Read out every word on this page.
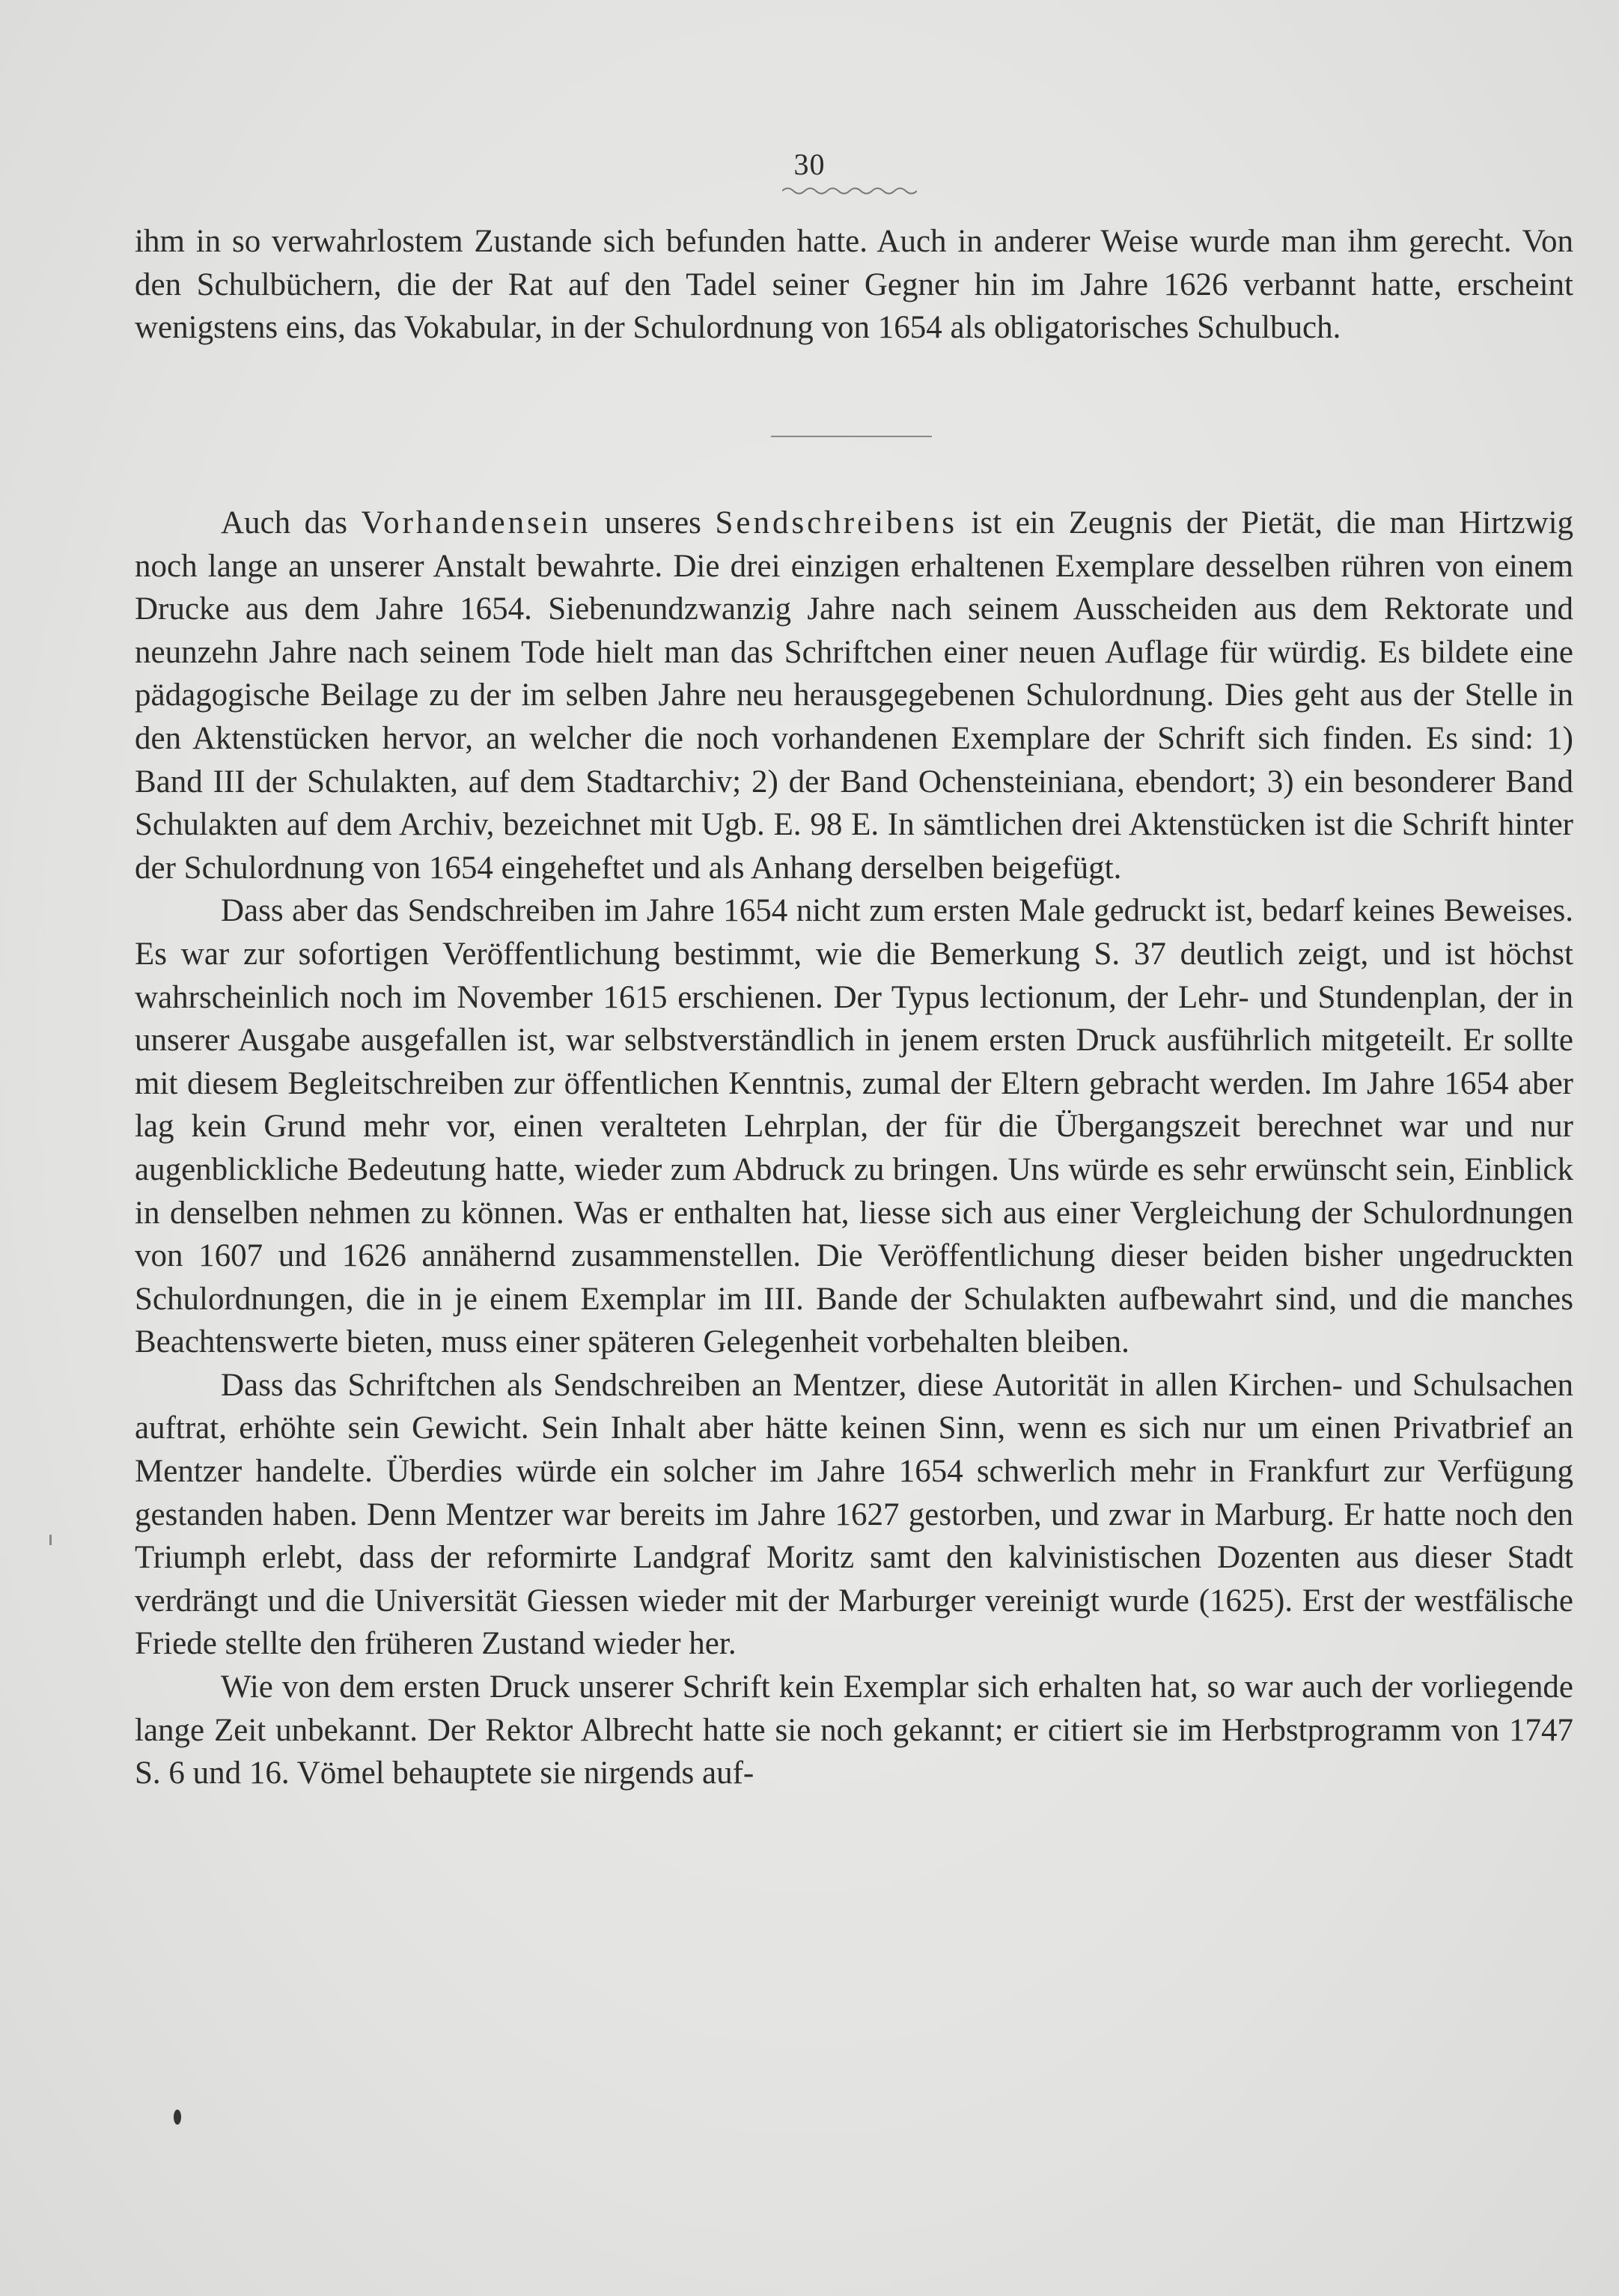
30

ihm in so verwahrlostem Zustande sich befunden hatte. Auch in anderer Weise wurde man ihm gerecht. Von den Schulbüchern, die der Rat auf den Tadel seiner Gegner hin im Jahre 1626 verbannt hatte, erscheint wenigstens eins, das Vokabular, in der Schulordnung von 1654 als obligatorisches Schulbuch.

Auch das Vorhandensein unseres Sendschreibens ist ein Zeugnis der Pietät, die man Hirtzwig noch lange an unserer Anstalt bewahrte. Die drei einzigen erhaltenen Exemplare desselben rühren von einem Drucke aus dem Jahre 1654. Siebenundzwanzig Jahre nach seinem Ausscheiden aus dem Rektorate und neunzehn Jahre nach seinem Tode hielt man das Schriftchen einer neuen Auflage für würdig. Es bildete eine pädagogische Beilage zu der im selben Jahre neu herausgegebenen Schulordnung. Dies geht aus der Stelle in den Aktenstücken hervor, an welcher die noch vorhandenen Exemplare der Schrift sich finden. Es sind: 1) Band III der Schulakten, auf dem Stadtarchiv; 2) der Band Ochensteiniana, ebendort; 3) ein besonderer Band Schulakten auf dem Archiv, bezeichnet mit Ugb. E. 98 E. In sämtlichen drei Aktenstücken ist die Schrift hinter der Schulordnung von 1654 eingeheftet und als Anhang derselben beigefügt.

Dass aber das Sendschreiben im Jahre 1654 nicht zum ersten Male gedruckt ist, bedarf keines Beweises. Es war zur sofortigen Veröffentlichung bestimmt, wie die Bemerkung S. 37 deutlich zeigt, und ist höchst wahrscheinlich noch im November 1615 erschienen. Der Typus lectionum, der Lehr- und Stundenplan, der in unserer Ausgabe ausgefallen ist, war selbstverständlich in jenem ersten Druck ausführlich mitgeteilt. Er sollte mit diesem Begleitschreiben zur öffentlichen Kenntnis, zumal der Eltern gebracht werden. Im Jahre 1654 aber lag kein Grund mehr vor, einen veralteten Lehrplan, der für die Übergangszeit berechnet war und nur augenblickliche Bedeutung hatte, wieder zum Abdruck zu bringen. Uns würde es sehr erwünscht sein, Einblick in denselben nehmen zu können. Was er enthalten hat, liesse sich aus einer Vergleichung der Schulordnungen von 1607 und 1626 annähernd zusammenstellen. Die Veröffentlichung dieser beiden bisher ungedruckten Schulordnungen, die in je einem Exemplar im III. Bande der Schulakten aufbewahrt sind, und die manches Beachtenswerte bieten, muss einer späteren Gelegenheit vorbehalten bleiben.

Dass das Schriftchen als Sendschreiben an Mentzer, diese Autorität in allen Kirchen- und Schulsachen auftrat, erhöhte sein Gewicht. Sein Inhalt aber hätte keinen Sinn, wenn es sich nur um einen Privatbrief an Mentzer handelte. Überdies würde ein solcher im Jahre 1654 schwerlich mehr in Frankfurt zur Verfügung gestanden haben. Denn Mentzer war bereits im Jahre 1627 gestorben, und zwar in Marburg. Er hatte noch den Triumph erlebt, dass der reformirte Landgraf Moritz samt den kalvinistischen Dozenten aus dieser Stadt verdrängt und die Universität Giessen wieder mit der Marburger vereinigt wurde (1625). Erst der westfälische Friede stellte den früheren Zustand wieder her.

Wie von dem ersten Druck unserer Schrift kein Exemplar sich erhalten hat, so war auch der vorliegende lange Zeit unbekannt. Der Rektor Albrecht hatte sie noch gekannt; er citiert sie im Herbstprogramm von 1747 S. 6 und 16. Vömel behauptete sie nirgends auf-
